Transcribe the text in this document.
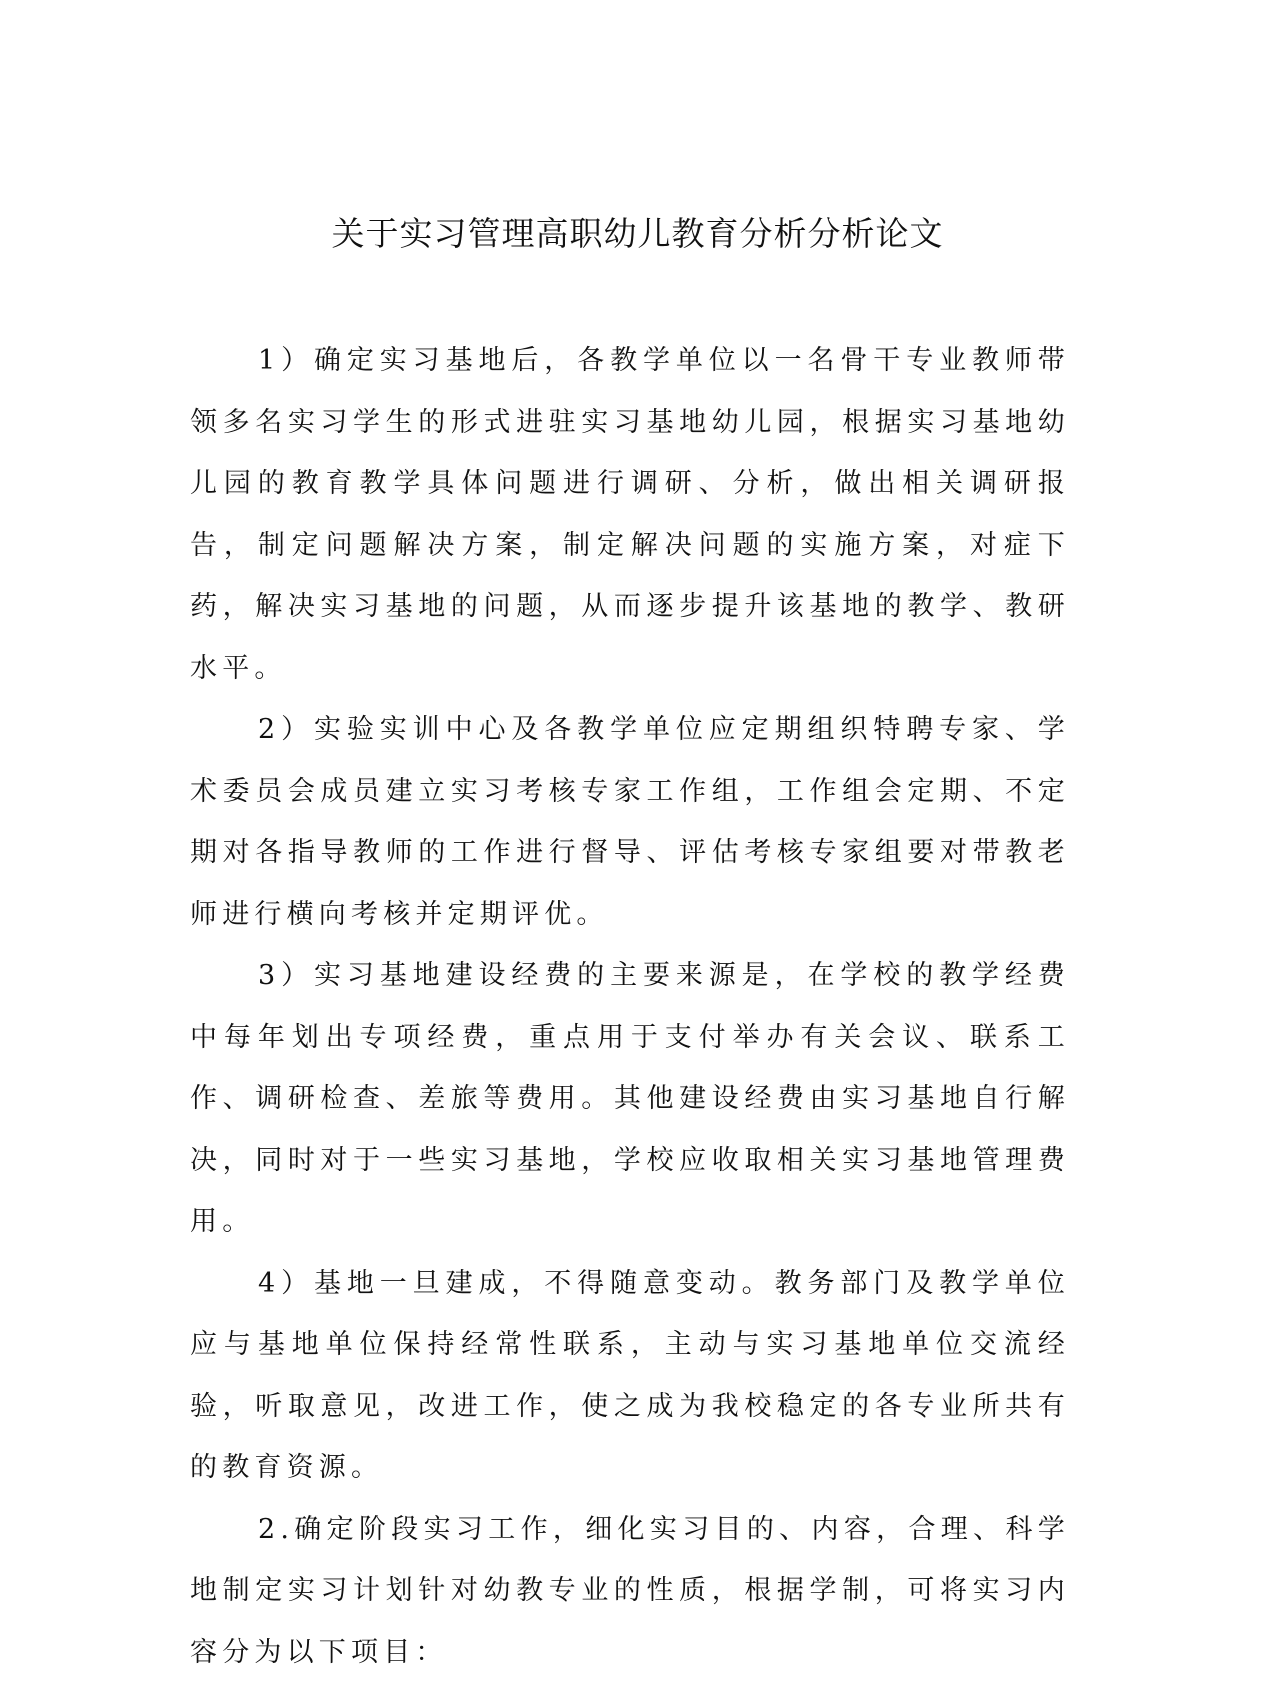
关于实习管理高职幼儿教育分析分析论文

1）确定实习基地后，各教学单位以一名骨干专业教师带领多名实习学生的形式进驻实习基地幼儿园，根据实习基地幼儿园的教育教学具体问题进行调研、分析，做出相关调研报告，制定问题解决方案，制定解决问题的实施方案，对症下药，解决实习基地的问题，从而逐步提升该基地的教学、教研水平。

2）实验实训中心及各教学单位应定期组织特聘专家、学术委员会成员建立实习考核专家工作组，工作组会定期、不定期对各指导教师的工作进行督导、评估考核专家组要对带教老师进行横向考核并定期评优。

3）实习基地建设经费的主要来源是，在学校的教学经费中每年划出专项经费，重点用于支付举办有关会议、联系工作、调研检查、差旅等费用。其他建设经费由实习基地自行解决，同时对于一些实习基地，学校应收取相关实习基地管理费用。

4）基地一旦建成，不得随意变动。教务部门及教学单位应与基地单位保持经常性联系，主动与实习基地单位交流经验，听取意见，改进工作，使之成为我校稳定的各专业所共有的教育资源。

2.确定阶段实习工作，细化实习目的、内容，合理、科学地制定实习计划针对幼教专业的性质，根据学制，可将实习内容分为以下项目：
